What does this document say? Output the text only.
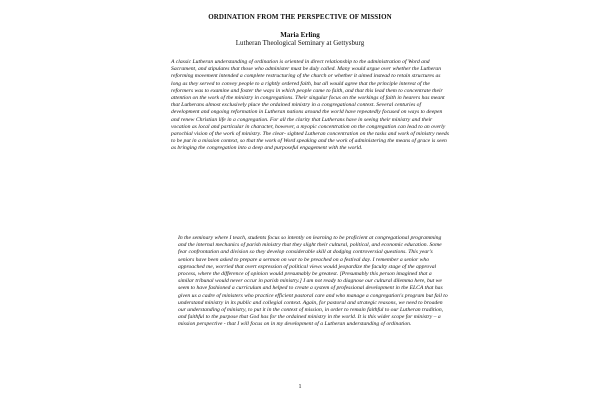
ORDINATION FROM THE PERSPECTIVE OF MISSION
Maria Erling
Lutheran Theological Seminary at Gettysburg

A classic Lutheran understanding of ordination is oriented in direct relationship to the administration of Word and Sacrament, and stipulates that those who administer must be duly called. Many would argue over whether the Lutheran reforming movement intended a complete restructuring of the church or whether it aimed instead to retain structures as long as they served to convey people to a rightly ordered faith, but all would agree that the principle interest of the reformers was to examine and foster the ways in which people came to faith, and that this lead them to concentrate their attention on the work of the ministry in congregations. Their singular focus on the workings of faith in hearers has meant that Lutherans almost exclusively place the ordained ministry in a congregational context. Several centuries of development and ongoing reformation in Lutheran nations around the world have repeatedly focused on ways to deepen and renew Christian life in a congregation. For all the clarity that Lutherans have in seeing their ministry and their vocation as local and particular in character, however, a myopic concentration on the congregation can lead to an overly parochial vision of the work of ministry. The clear- sighted Lutheran concentration on the tasks and work of ministry needs to be put in a mission context, so that the work of Word speaking and the work of administering the means of grace is seen as bringing the congregation into a deep and purposeful engagement with the world.

In the seminary where I teach, students focus so intently on learning to be proficient at congregational programming and the internal mechanics of parish ministry that they slight their cultural, political, and economic education. Some fear confrontation and division so they develop considerable skill at dodging controversial questions. This year's seniors have been asked to prepare a sermon on war to be preached on a festival day. I remember a senior who approached me, worried that overt expression of political views would jeopardize the faculty stage of the approval process, where the difference of opinion would presumably be greatest. [Presumably this person imagined that a similar tribunal would never occur in parish ministry.] I am not ready to diagnose our cultural dilemma here, but we seem to have fashioned a curriculum and helped to create a system of professional development in the ELCA that has given us a cadre of ministers who practice efficient pastoral care and who manage a congregation's program but fail to understand ministry in its public and collegial context. Again, for pastoral and strategic reasons, we need to broaden our understanding of ministry, to put it in the context of mission, in order to remain faithful to our Lutheran tradition, and faithful to the purpose that God has for the ordained ministry in the world. It is this wider scope for ministry – a mission perspective - that I will focus on in my development of a Lutheran understanding of ordination.

1
